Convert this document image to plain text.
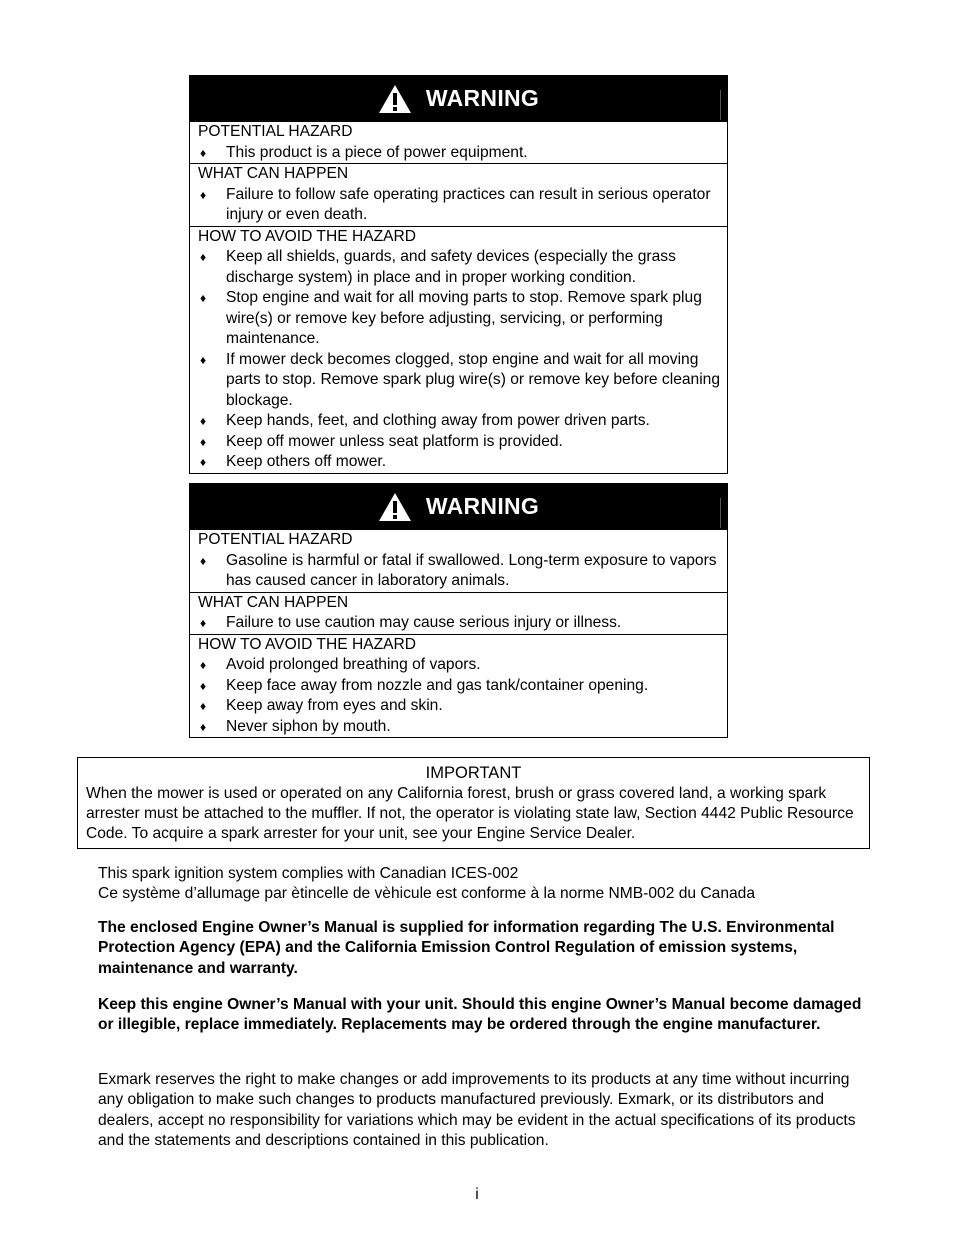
WARNING
POTENTIAL HAZARD
♦ This product is a piece of power equipment.
WHAT CAN HAPPEN
♦ Failure to follow safe operating practices can result in serious operator injury or even death.
HOW TO AVOID THE HAZARD
♦ Keep all shields, guards, and safety devices (especially the grass discharge system) in place and in proper working condition.
♦ Stop engine and wait for all moving parts to stop. Remove spark plug wire(s) or remove key before adjusting, servicing, or performing maintenance.
♦ If mower deck becomes clogged, stop engine and wait for all moving parts to stop. Remove spark plug wire(s) or remove key before cleaning blockage.
♦ Keep hands, feet, and clothing away from power driven parts.
♦ Keep off mower unless seat platform is provided.
♦ Keep others off mower.
WARNING
POTENTIAL HAZARD
♦ Gasoline is harmful or fatal if swallowed. Long-term exposure to vapors has caused cancer in laboratory animals.
WHAT CAN HAPPEN
♦ Failure to use caution may cause serious injury or illness.
HOW TO AVOID THE HAZARD
♦ Avoid prolonged breathing of vapors.
♦ Keep face away from nozzle and gas tank/container opening.
♦ Keep away from eyes and skin.
♦ Never siphon by mouth.
IMPORTANT
When the mower is used or operated on any California forest, brush or grass covered land, a working spark arrester must be attached to the muffler. If not, the operator is violating state law, Section 4442 Public Resource Code. To acquire a spark arrester for your unit, see your Engine Service Dealer.
This spark ignition system complies with Canadian ICES-002
Ce système d’allumage par ètincelle de vèhicule est conforme à la norme NMB-002 du Canada
The enclosed Engine Owner’s Manual is supplied for information regarding The U.S. Environmental Protection Agency (EPA) and the California Emission Control Regulation of emission systems, maintenance and warranty.
Keep this engine Owner’s Manual with your unit. Should this engine Owner’s Manual become damaged or illegible, replace immediately. Replacements may be ordered through the engine manufacturer.
Exmark reserves the right to make changes or add improvements to its products at any time without incurring any obligation to make such changes to products manufactured previously. Exmark, or its distributors and dealers, accept no responsibility for variations which may be evident in the actual specifications of its products and the statements and descriptions contained in this publication.
i
